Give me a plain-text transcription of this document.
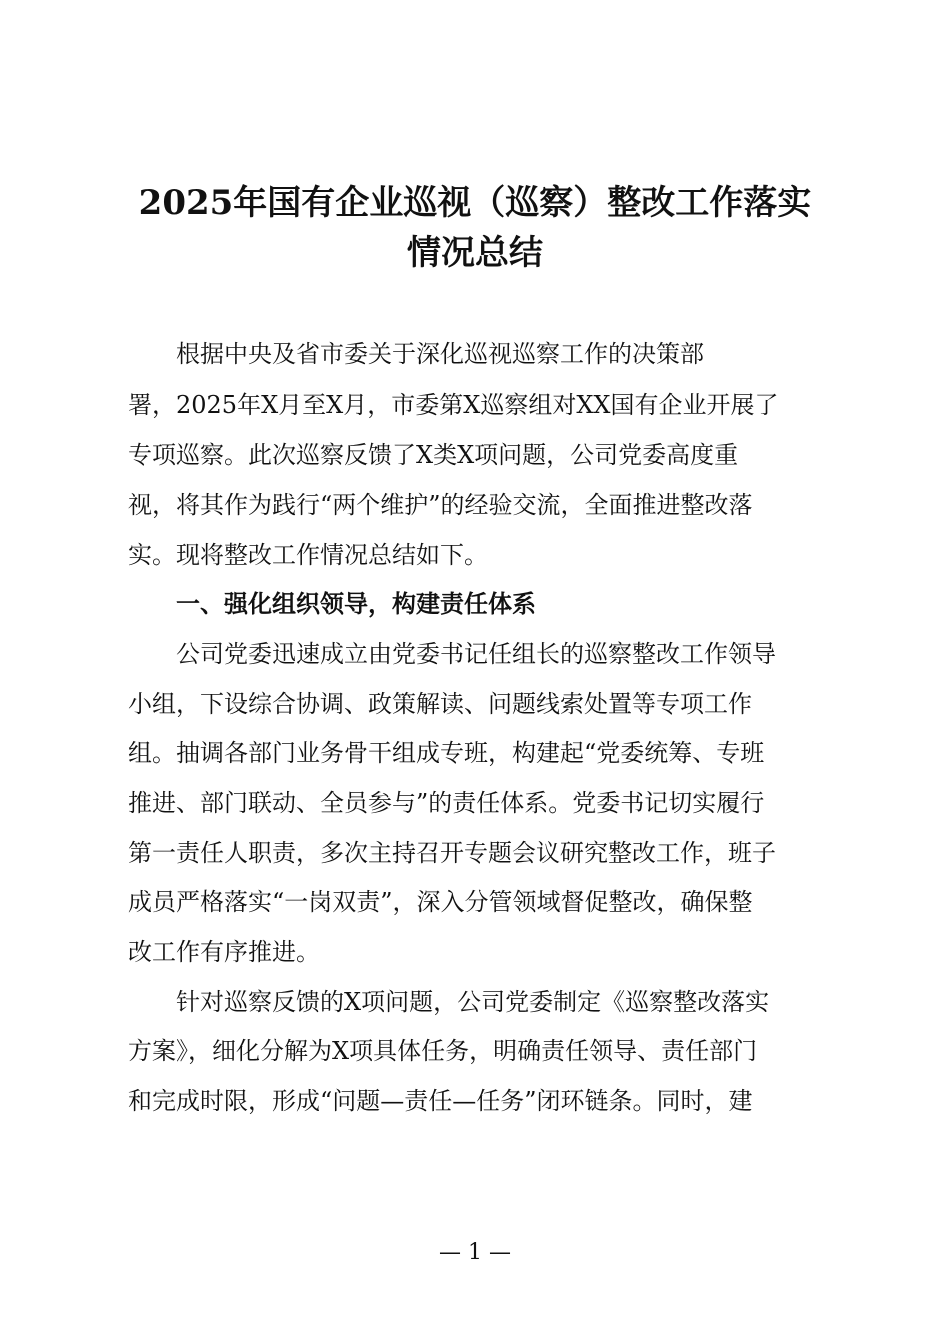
2025年国有企业巡视（巡察）整改工作落实
情况总结
　　根据中央及省市委关于深化巡视巡察工作的决策部
署，2025年X月至X月，市委第X巡察组对XX国有企业开展了
专项巡察。此次巡察反馈了X类X项问题，公司党委高度重
视，将其作为践行“两个维护”的经验交流，全面推进整改落
实。现将整改工作情况总结如下。
　　一、强化组织领导，构建责任体系
　　公司党委迅速成立由党委书记任组长的巡察整改工作领导
小组，下设综合协调、政策解读、问题线索处置等专项工作
组。抽调各部门业务骨干组成专班，构建起“党委统筹、专班
推进、部门联动、全员参与”的责任体系。党委书记切实履行
第一责任人职责，多次主持召开专题会议研究整改工作，班子
成员严格落实“一岗双责”，深入分管领域督促整改，确保整
改工作有序推进。
　　针对巡察反馈的X项问题，公司党委制定《巡察整改落实
方案》，细化分解为X项具体任务，明确责任领导、责任部门
和完成时限，形成“问题—责任—任务”闭环链条。同时，建
— 1 —
